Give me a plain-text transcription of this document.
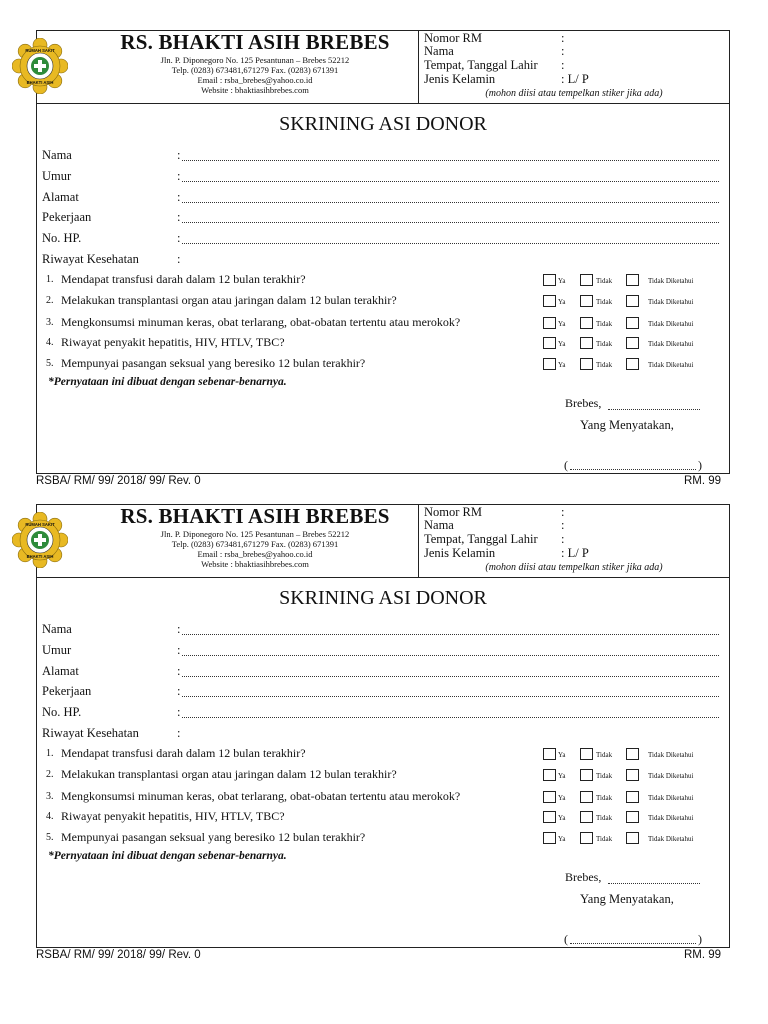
RUMAH SAKIT
BHAKTI ASIH
RS. BHAKTI ASIH BREBES
Jln. P. Diponegoro No. 125 Pesantunan – Brebes 52212
Telp. (0283) 673481,671279 Fax. (0283) 671391
Email : rsba_brebes@yahoo.co.id
Website : bhaktiasihbrebes.com
Nomor RM	:
Nama	:
Tempat, Tanggal Lahir :
Jenis Kelamin	: L/ P
(mohon diisi atau tempelkan stiker jika ada)
SKRINING ASI DONOR
Nama	:
Umur	:
Alamat	:
Pekerjaan	:
No. HP.	:
Riwayat Kesehatan	:
1. Mendapat transfusi darah dalam 12 bulan terakhir?	Ya	Tidak	Tidak Diketahui
2. Melakukan transplantasi organ atau jaringan dalam 12 bulan terakhir?	Ya	Tidak	Tidak Diketahui
3. Mengkonsumsi minuman keras, obat terlarang, obat-obatan tertentu atau merokok?	Ya	Tidak	Tidak Diketahui
4. Riwayat penyakit hepatitis, HIV, HTLV, TBC?	Ya	Tidak	Tidak Diketahui
5. Mempunyai pasangan seksual yang beresiko 12 bulan terakhir?	Ya	Tidak	Tidak Diketahui
*Pernyataan ini dibuat dengan sebenar-benarnya.
Brebes,
Yang Menyatakan,
(	)
RSBA/ RM/ 99/ 2018/ 99/ Rev. 0	RM. 99
RUMAH SAKIT
BHAKTI ASIH
RS. BHAKTI ASIH BREBES
Jln. P. Diponegoro No. 125 Pesantunan – Brebes 52212
Telp. (0283) 673481,671279 Fax. (0283) 671391
Email : rsba_brebes@yahoo.co.id
Website : bhaktiasihbrebes.com
Nomor RM	:
Nama	:
Tempat, Tanggal Lahir :
Jenis Kelamin	: L/ P
(mohon diisi atau tempelkan stiker jika ada)
SKRINING ASI DONOR
Nama	:
Umur	:
Alamat	:
Pekerjaan	:
No. HP.	:
Riwayat Kesehatan	:
1. Mendapat transfusi darah dalam 12 bulan terakhir?	Ya	Tidak	Tidak Diketahui
2. Melakukan transplantasi organ atau jaringan dalam 12 bulan terakhir?	Ya	Tidak	Tidak Diketahui
3. Mengkonsumsi minuman keras, obat terlarang, obat-obatan tertentu atau merokok?	Ya	Tidak	Tidak Diketahui
4. Riwayat penyakit hepatitis, HIV, HTLV, TBC?	Ya	Tidak	Tidak Diketahui
5. Mempunyai pasangan seksual yang beresiko 12 bulan terakhir?	Ya	Tidak	Tidak Diketahui
*Pernyataan ini dibuat dengan sebenar-benarnya.
Brebes,
Yang Menyatakan,
(	)
RSBA/ RM/ 99/ 2018/ 99/ Rev. 0	RM. 99
